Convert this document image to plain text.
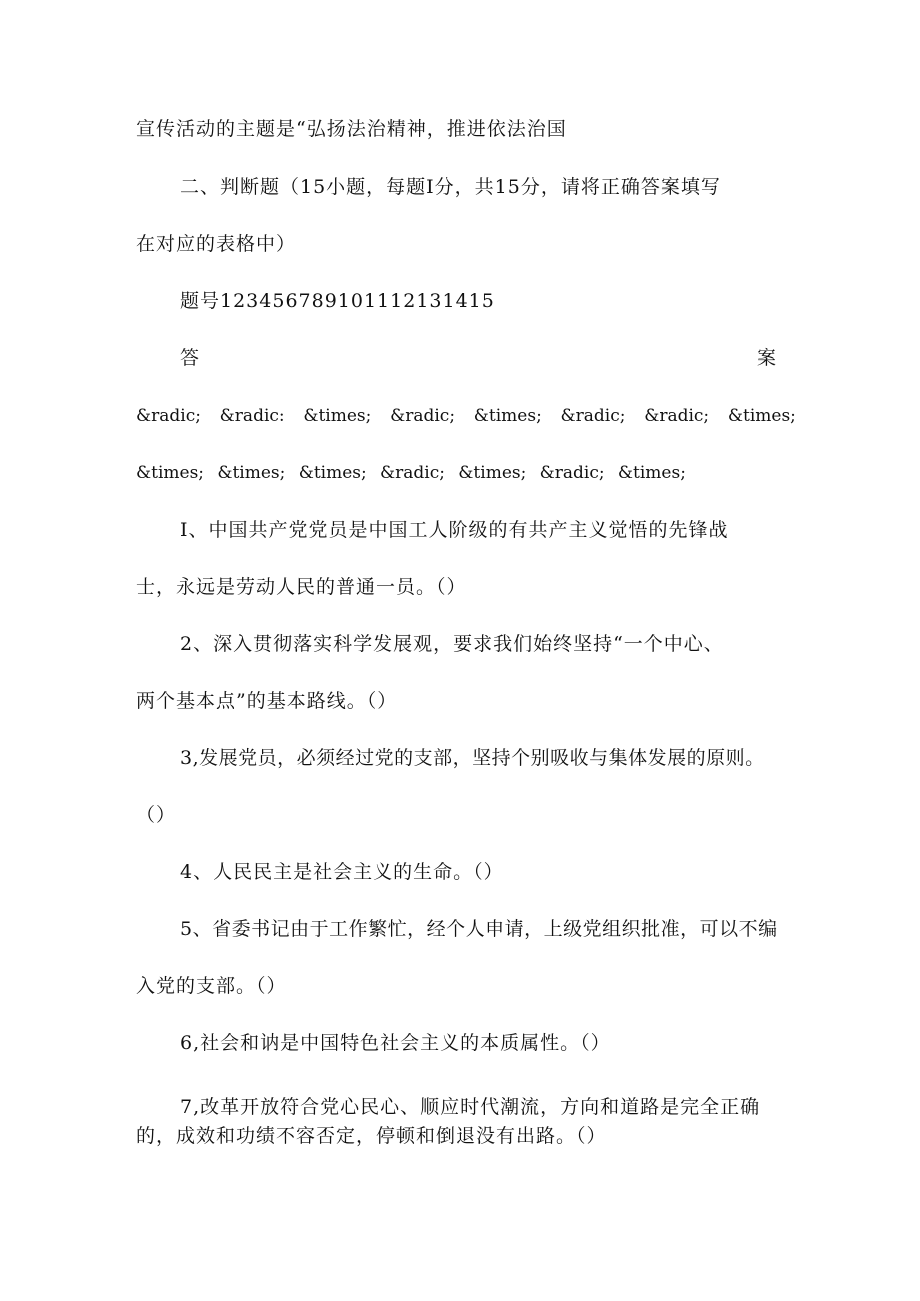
宣传活动的主题是“弘扬法治精神，推进依法治国
二、判断题（15小题，每题I分，共15分，请将正确答案填写
在对应的表格中）
题号123456789101112131415
答	案
&radic; &radic: &times; &radic; &times; &radic; &radic; &times;
&times; &times; &times; &radic; &times; &radic; &times;
I、中国共产党党员是中国工人阶级的有共产主义觉悟的先锋战
士，永远是劳动人民的普通一员。（）
2、深入贯彻落实科学发展观，要求我们始终坚持“一个中心、
两个基本点”的基本路线。（）
3,发展党员，必须经过党的支部，坚持个别吸收与集体发展的原则。
（）
4、人民民主是社会主义的生命。（）
5、省委书记由于工作繁忙，经个人申请，上级党组织批准，可以不编
入党的支部。（）
6,社会和讷是中国特色社会主义的本质属性。（）
7,改革开放符合党心民心、顺应时代潮流，方向和道路是完全正确
的，成效和功绩不容否定，停顿和倒退没有出路。（）
